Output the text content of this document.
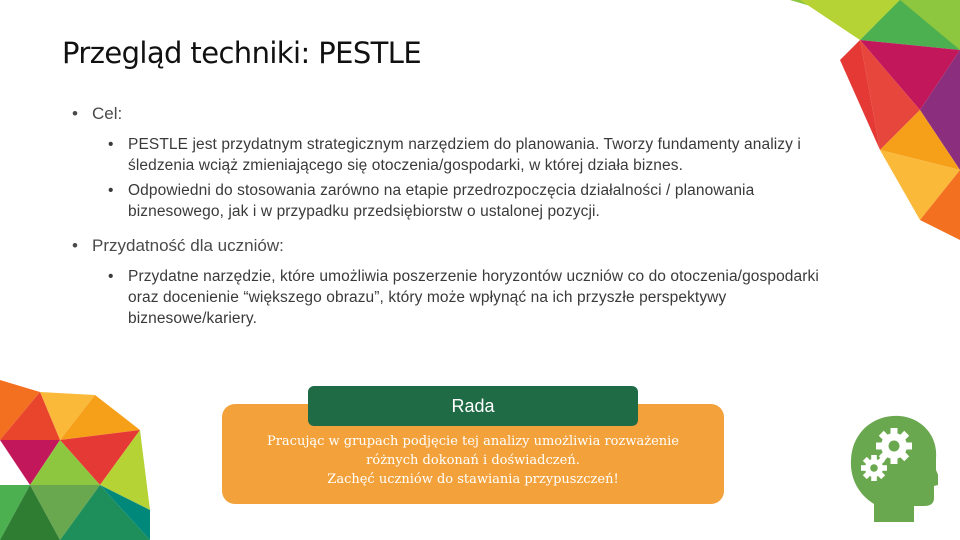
Przegląd techniki: PESTLE

• Cel:

• PESTLE jest przydatnym strategicznym narzędziem do planowania. Tworzy fundamenty analizy i śledzenia wciąż zmieniającego się otoczenia/gospodarki, w której działa biznes.
• Odpowiedni do stosowania zarówno na etapie przedrozpoczęcia działalności / planowania biznesowego, jak i w przypadku przedsiębiorstw o ustalonej pozycji.

• Przydatność dla uczniów:

• Przydatne narzędzie, które umożliwia poszerzenie horyzontów uczniów co do otoczenia/gospodarki oraz docenienie “większego obrazu”, który może wpłynąć na ich przyszłe perspektywy biznesowe/kariery.
Rada
Pracując w grupach podjęcie tej analizy umożliwia rozważenie
różnych dokonań i doświadczeń.
Zachęć uczniów do stawiania przypuszczeń!
